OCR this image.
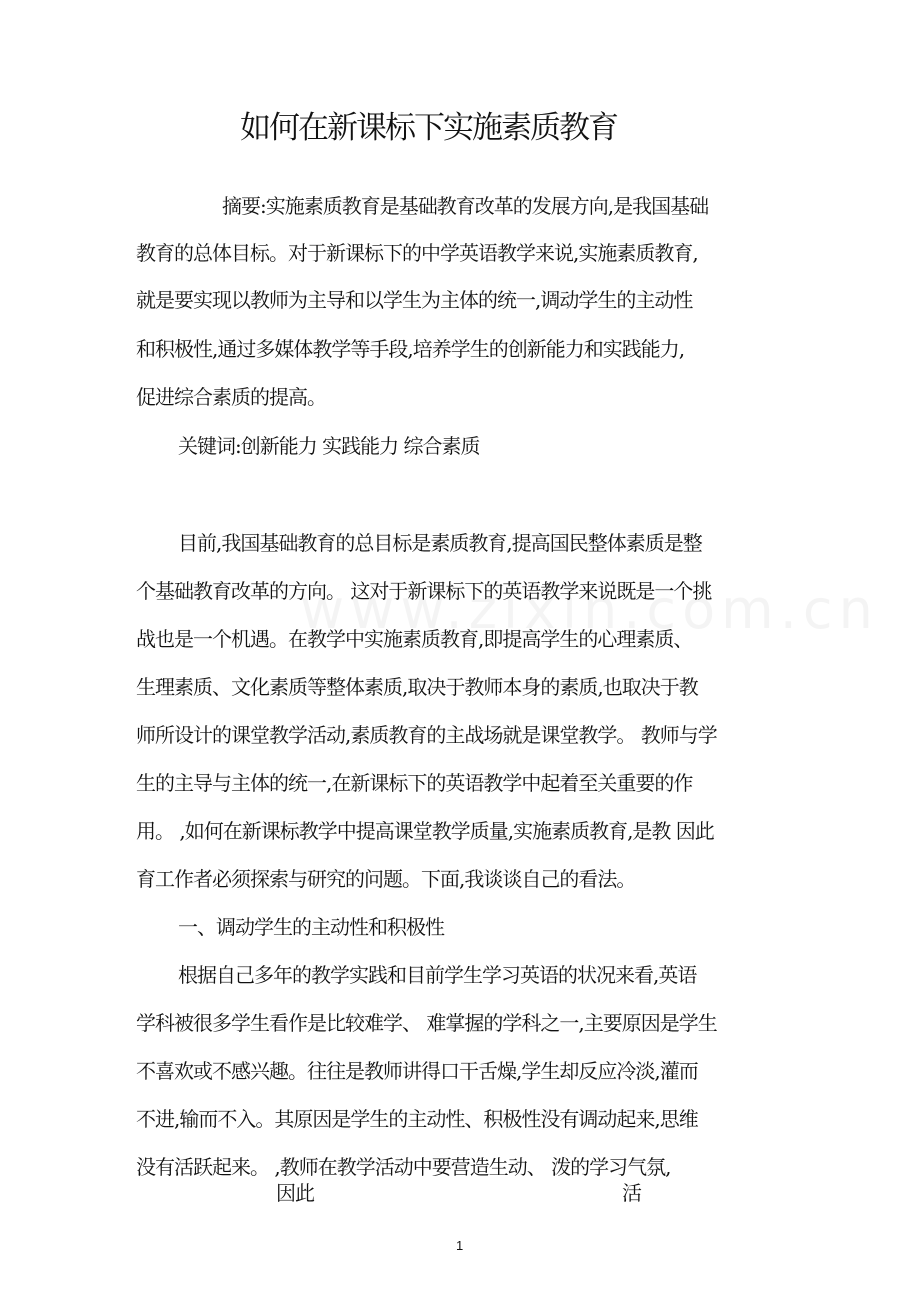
如何在新课标下实施素质教育
摘要:实施素质教育是基础教育改革的发展方向,是我国基础
教育的总体目标。对于新课标下的中学英语教学来说,实施素质教育,
就是要实现以教师为主导和以学生为主体的统一,调动学生的主动性
和积极性,通过多媒体教学等手段,培养学生的创新能力和实践能力,
促进综合素质的提高。
关键词:创新能力 实践能力 综合素质
目前,我国基础教育的总目标是素质教育,提高国民整体素质是整
个基础教育改革的方向。 这对于新课标下的英语教学来说既是一个挑
战也是一个机遇。在教学中实施素质教育,即提高学生的心理素质、
生理素质、文化素质等整体素质,取决于教师本身的素质,也取决于教
师所设计的课堂教学活动,素质教育的主战场就是课堂教学。 教师与学
生的主导与主体的统一,在新课标下的英语教学中起着至关重要的作
用。 ,如何在新课标教学中提高课堂教学质量,实施素质教育,是教 因此
育工作者必须探索与研究的问题。下面,我谈谈自己的看法。
一、调动学生的主动性和积极性
根据自己多年的教学实践和目前学生学习英语的状况来看,英语
学科被很多学生看作是比较难学、 难掌握的学科之一,主要原因是学生
不喜欢或不感兴趣。往往是教师讲得口干舌燥,学生却反应冷淡,灌而
不进,输而不入。其原因是学生的主动性、积极性没有调动起来,思维
没有活跃起来。 ,教师在教学活动中要营造生动、 泼的学习气氛,
因此	活
1
